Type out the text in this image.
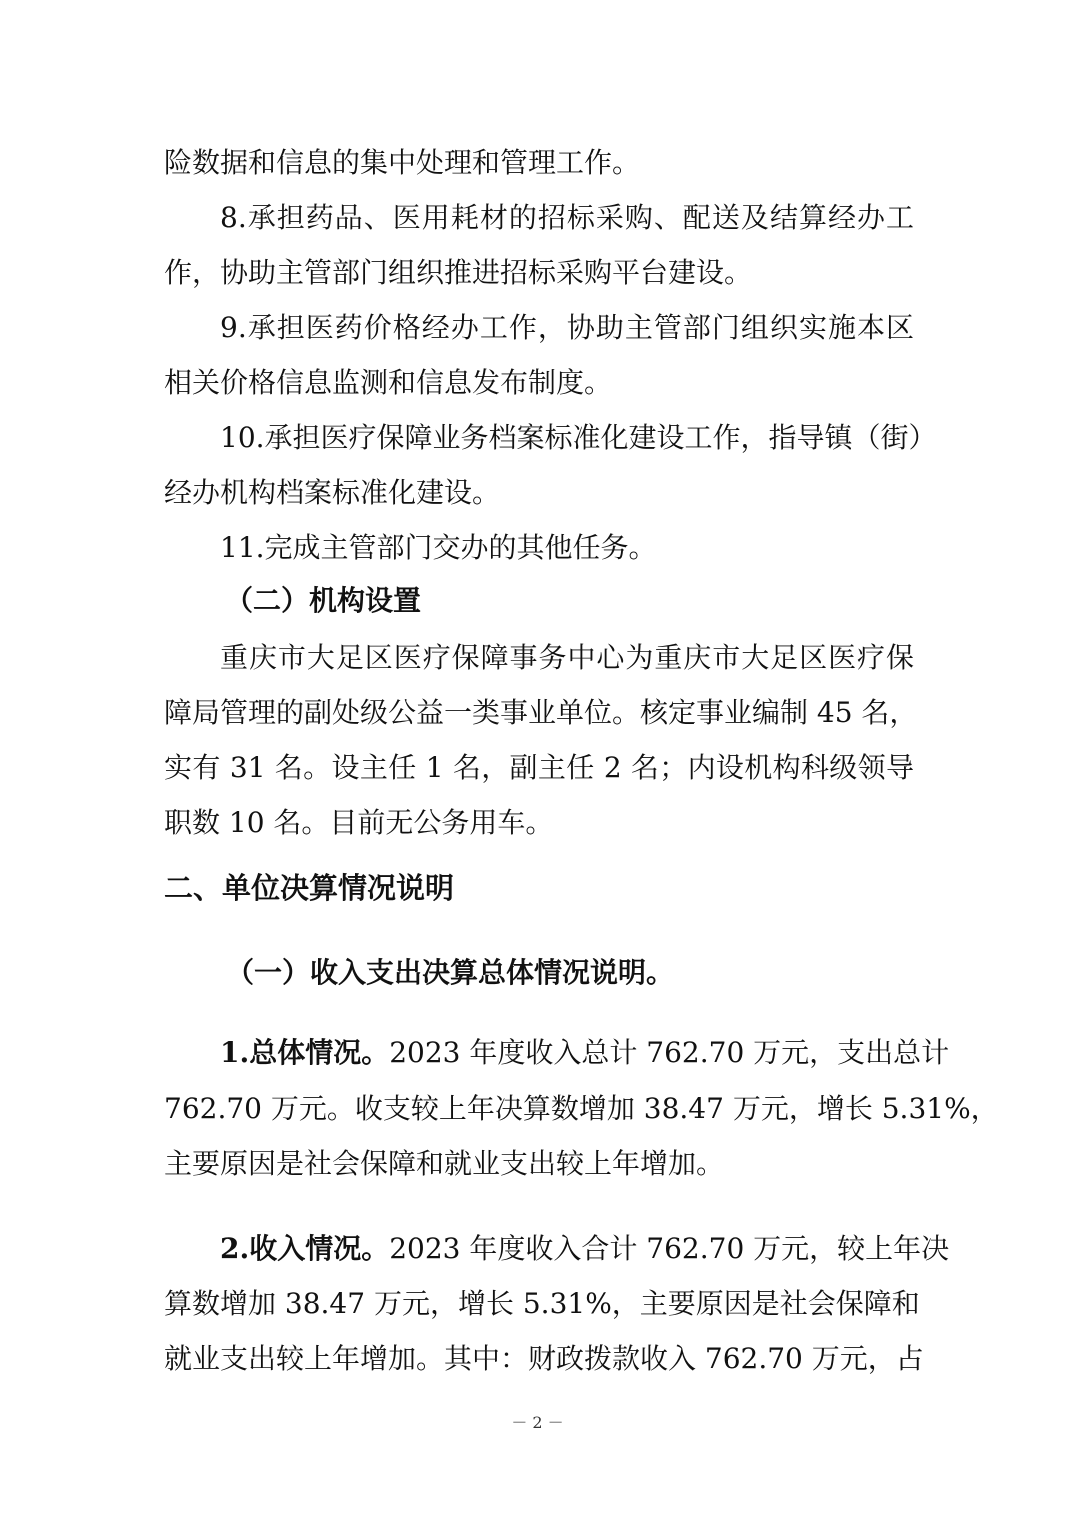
险数据和信息的集中处理和管理工作。
8.承担药品、医用耗材的招标采购、配送及结算经办工
作，协助主管部门组织推进招标采购平台建设。
9.承担医药价格经办工作，协助主管部门组织实施本区
相关价格信息监测和信息发布制度。
10.承担医疗保障业务档案标准化建设工作，指导镇（街）
经办机构档案标准化建设。
11.完成主管部门交办的其他任务。
（二）机构设置
重庆市大足区医疗保障事务中心为重庆市大足区医疗保
障局管理的副处级公益一类事业单位。核定事业编制 45 名，
实有 31 名。设主任 1 名，副主任 2 名；内设机构科级领导
职数 10 名。目前无公务用车。
二、单位决算情况说明
（一）收入支出决算总体情况说明。
1.总体情况。2023 年度收入总计 762.70 万元，支出总计
762.70 万元。收支较上年决算数增加 38.47 万元，增长 5.31%，
主要原因是社会保障和就业支出较上年增加。
2.收入情况。2023 年度收入合计 762.70 万元，较上年决
算数增加 38.47 万元，增长 5.31%，主要原因是社会保障和
就业支出较上年增加。其中：财政拨款收入 762.70 万元，占
－ 2 －
